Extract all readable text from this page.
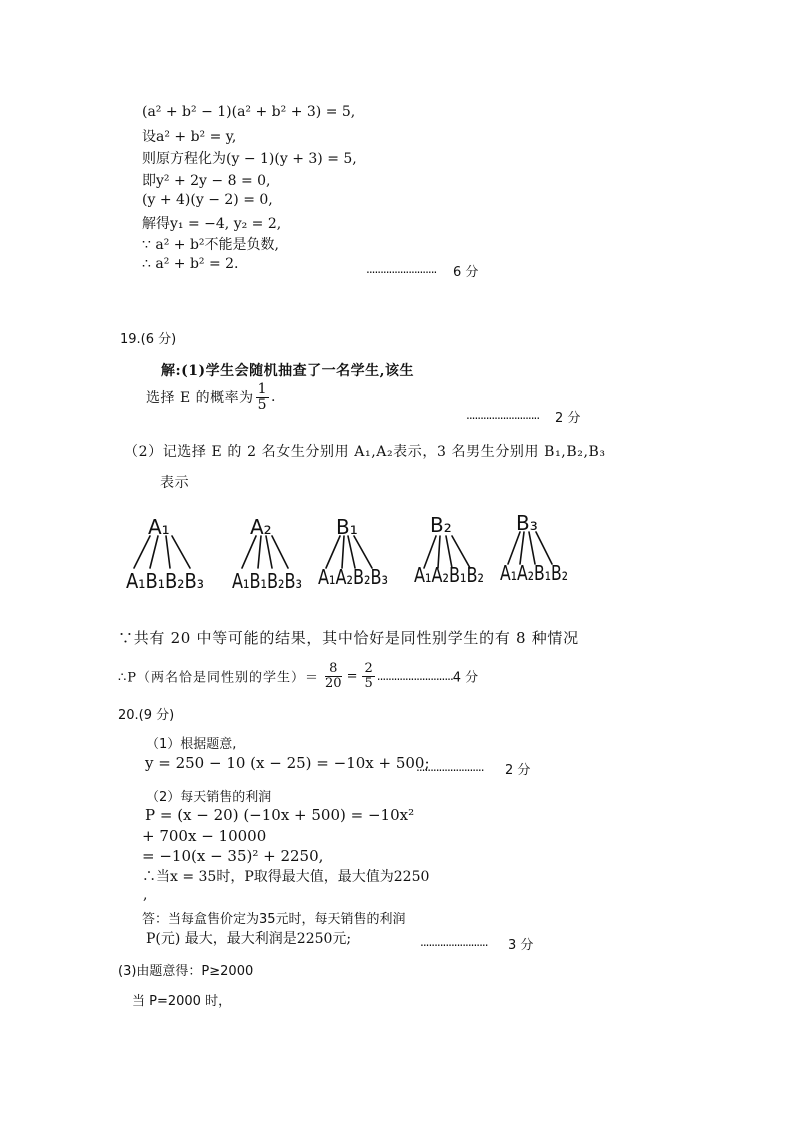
(a² + b² − 1)(a² + b² + 3) = 5,
设a² + b² = y,
则原方程化为(y − 1)(y + 3) = 5,
即y² + 2y − 8 = 0,
(y + 4)(y − 2) = 0,
解得y₁ = −4, y₂ = 2,
∵ a² + b²不能是负数,
∴ a² + b² = 2.	......................... 6 分
19.(6 分)
解:(1)学生会随机抽查了一名学生,该生
选择 E 的概率为 $\frac{1}{5}$ .
.......................... 2 分
（2）记选择 E 的 2 名女生分别用 A₁,A₂表示，3 名男生分别用 B₁,B₂,B₃
表示
A₁
A₁B₁B₂B₃
A₂
A₁B₁B₂B₃
B₁
A₁A₂B₂B₃
B₂
A₁A₂B₁B₂
B₃
A₁A₂B₁B₂
∵共有 20 中等可能的结果，其中恰好是同性别学生的有 8 种情况
∴P（两名恰是同性别的学生）＝ $\frac{8}{20} = \frac{2}{5} ...........................4$ 分
20.(9 分)
（1）根据题意,
y = 250 − 10 (x − 25) = −10x + 500;
........................ 2 分
（2）每天销售的利润
P = (x − 20) (−10x + 500) = −10x²
+ 700x − 10000
= −10(x − 35)² + 2250,
∴当x = 35时，P取得最大值，最大值为2250
,
答：当每盒售价定为35元时，每天销售的利润
P(元) 最大，最大利润是2250元;	........................ 3 分
(3)由题意得：P≥2000
当 P=2000 时，
